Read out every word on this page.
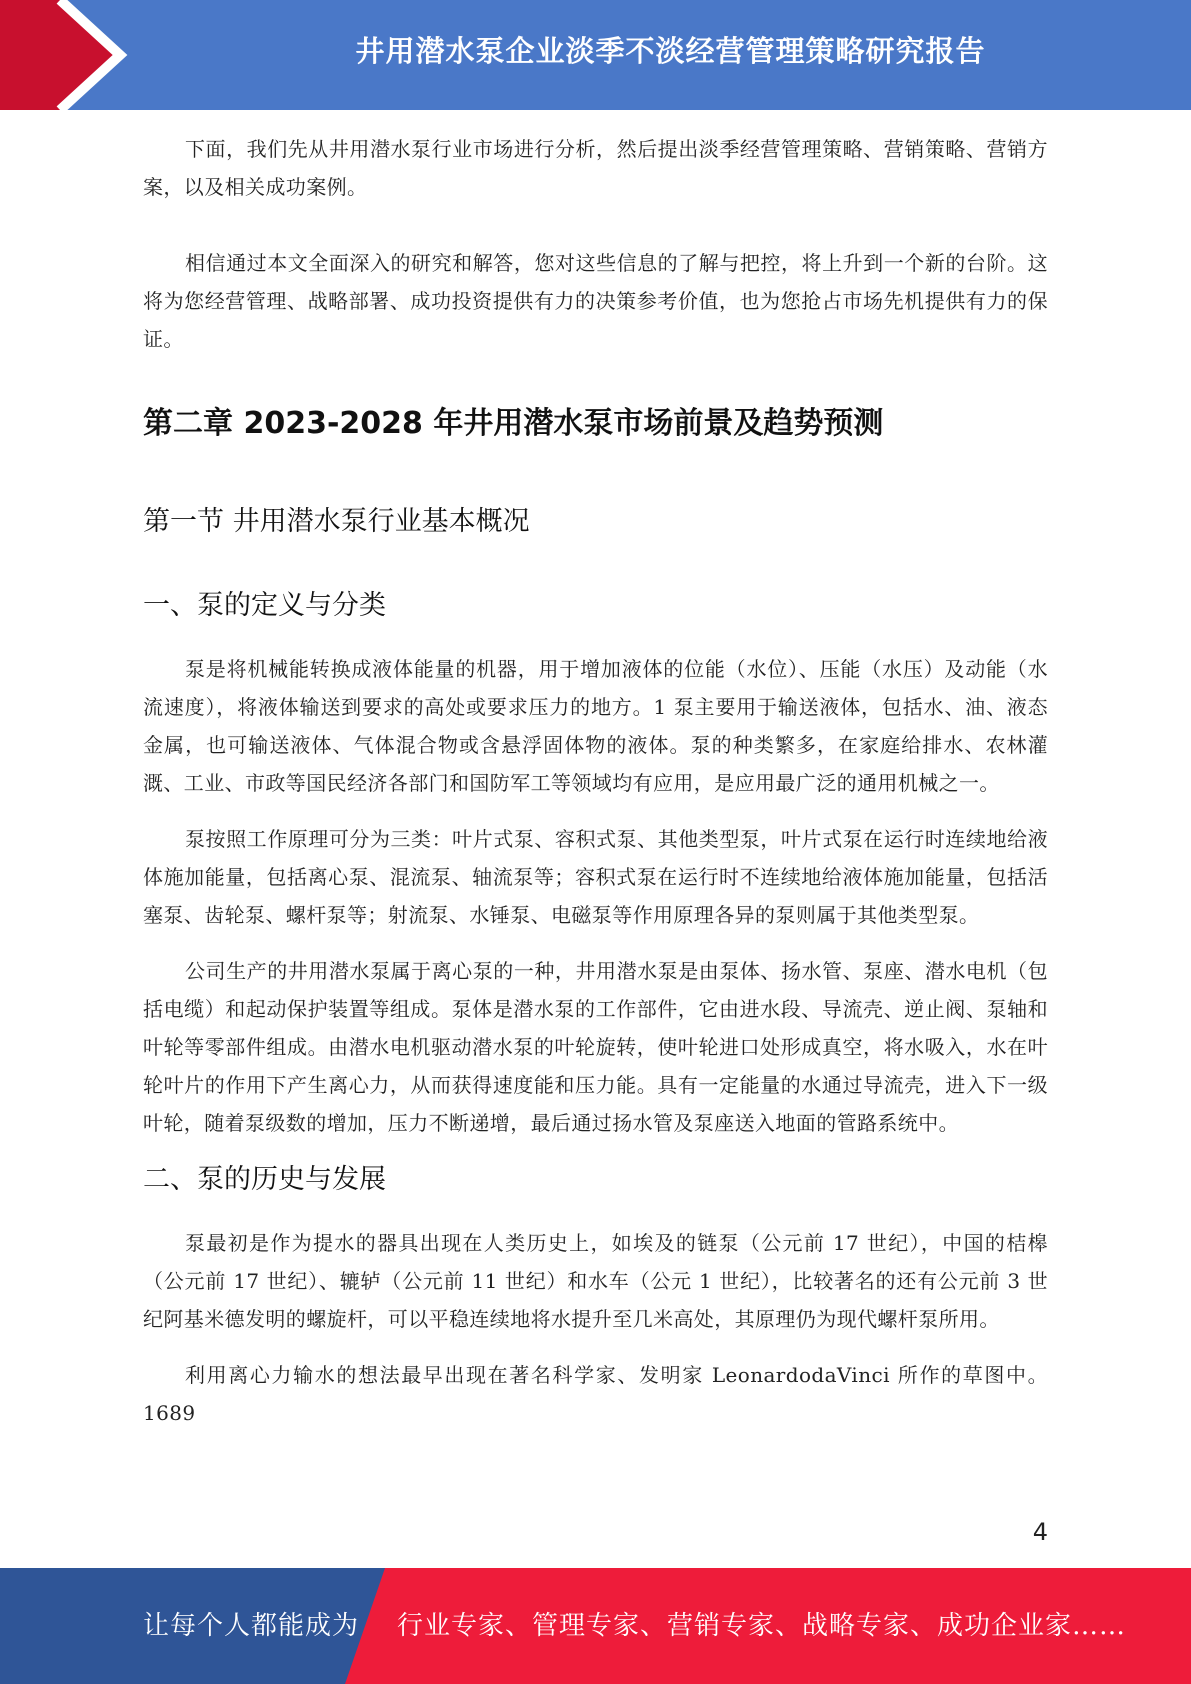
井用潜水泵企业淡季不淡经营管理策略研究报告

下面，我们先从井用潜水泵行业市场进行分析，然后提出淡季经营管理策略、营销策略、营销方案，以及相关成功案例。

相信通过本文全面深入的研究和解答，您对这些信息的了解与把控，将上升到一个新的台阶。这将为您经营管理、战略部署、成功投资提供有力的决策参考价值，也为您抢占市场先机提供有力的保证。

第二章 2023-2028 年井用潜水泵市场前景及趋势预测
第一节 井用潜水泵行业基本概况
一、泵的定义与分类

泵是将机械能转换成液体能量的机器，用于增加液体的位能（水位）、压能（水压）及动能（水流速度），将液体输送到要求的高处或要求压力的地方。1 泵主要用于输送液体，包括水、油、液态金属，也可输送液体、气体混合物或含悬浮固体物的液体。泵的种类繁多，在家庭给排水、农林灌溉、工业、市政等国民经济各部门和国防军工等领域均有应用，是应用最广泛的通用机械之一。

泵按照工作原理可分为三类：叶片式泵、容积式泵、其他类型泵，叶片式泵在运行时连续地给液体施加能量，包括离心泵、混流泵、轴流泵等；容积式泵在运行时不连续地给液体施加能量，包括活塞泵、齿轮泵、螺杆泵等；射流泵、水锤泵、电磁泵等作用原理各异的泵则属于其他类型泵。

公司生产的井用潜水泵属于离心泵的一种，井用潜水泵是由泵体、扬水管、泵座、潜水电机（包括电缆）和起动保护装置等组成。泵体是潜水泵的工作部件，它由进水段、导流壳、逆止阀、泵轴和叶轮等零部件组成。由潜水电机驱动潜水泵的叶轮旋转，使叶轮进口处形成真空，将水吸入，水在叶轮叶片的作用下产生离心力，从而获得速度能和压力能。具有一定能量的水通过导流壳，进入下一级叶轮，随着泵级数的增加，压力不断递增，最后通过扬水管及泵座送入地面的管路系统中。

二、泵的历史与发展

泵最初是作为提水的器具出现在人类历史上，如埃及的链泵（公元前 17 世纪），中国的桔槔（公元前 17 世纪）、辘轳（公元前 11 世纪）和水车（公元 1 世纪），比较著名的还有公元前 3 世纪阿基米德发明的螺旋杆，可以平稳连续地将水提升至几米高处，其原理仍为现代螺杆泵所用。

利用离心力输水的想法最早出现在著名科学家、发明家 LeonardodaVinci 所作的草图中。1689

4
让每个人都能成为 行业专家、管理专家、营销专家、战略专家、成功企业家……
